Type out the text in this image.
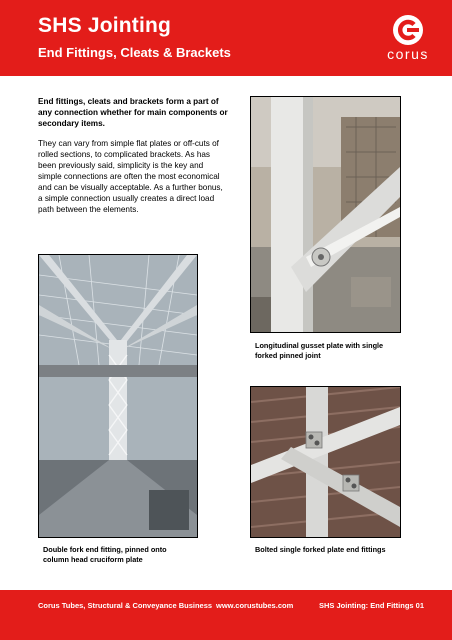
SHS Jointing
End Fittings, Cleats & Brackets	corus

End fittings, cleats and brackets form a part of any connection whether for main components or secondary items.

They can vary from simple flat plates or off-cuts of rolled sections, to complicated brackets. As has been previously said, simplicity is the key and simple connections are often the most economical and can be visually acceptable. As a further bonus, a simple connection usually creates a direct load path between the elements.

Longitudinal gusset plate with single forked pinned joint
Double fork end fitting, pinned onto column head cruciform plate
Bolted single forked plate end fittings
Corus Tubes, Structural & Conveyance Business www.corustubes.com	SHS Jointing: End Fittings 01
